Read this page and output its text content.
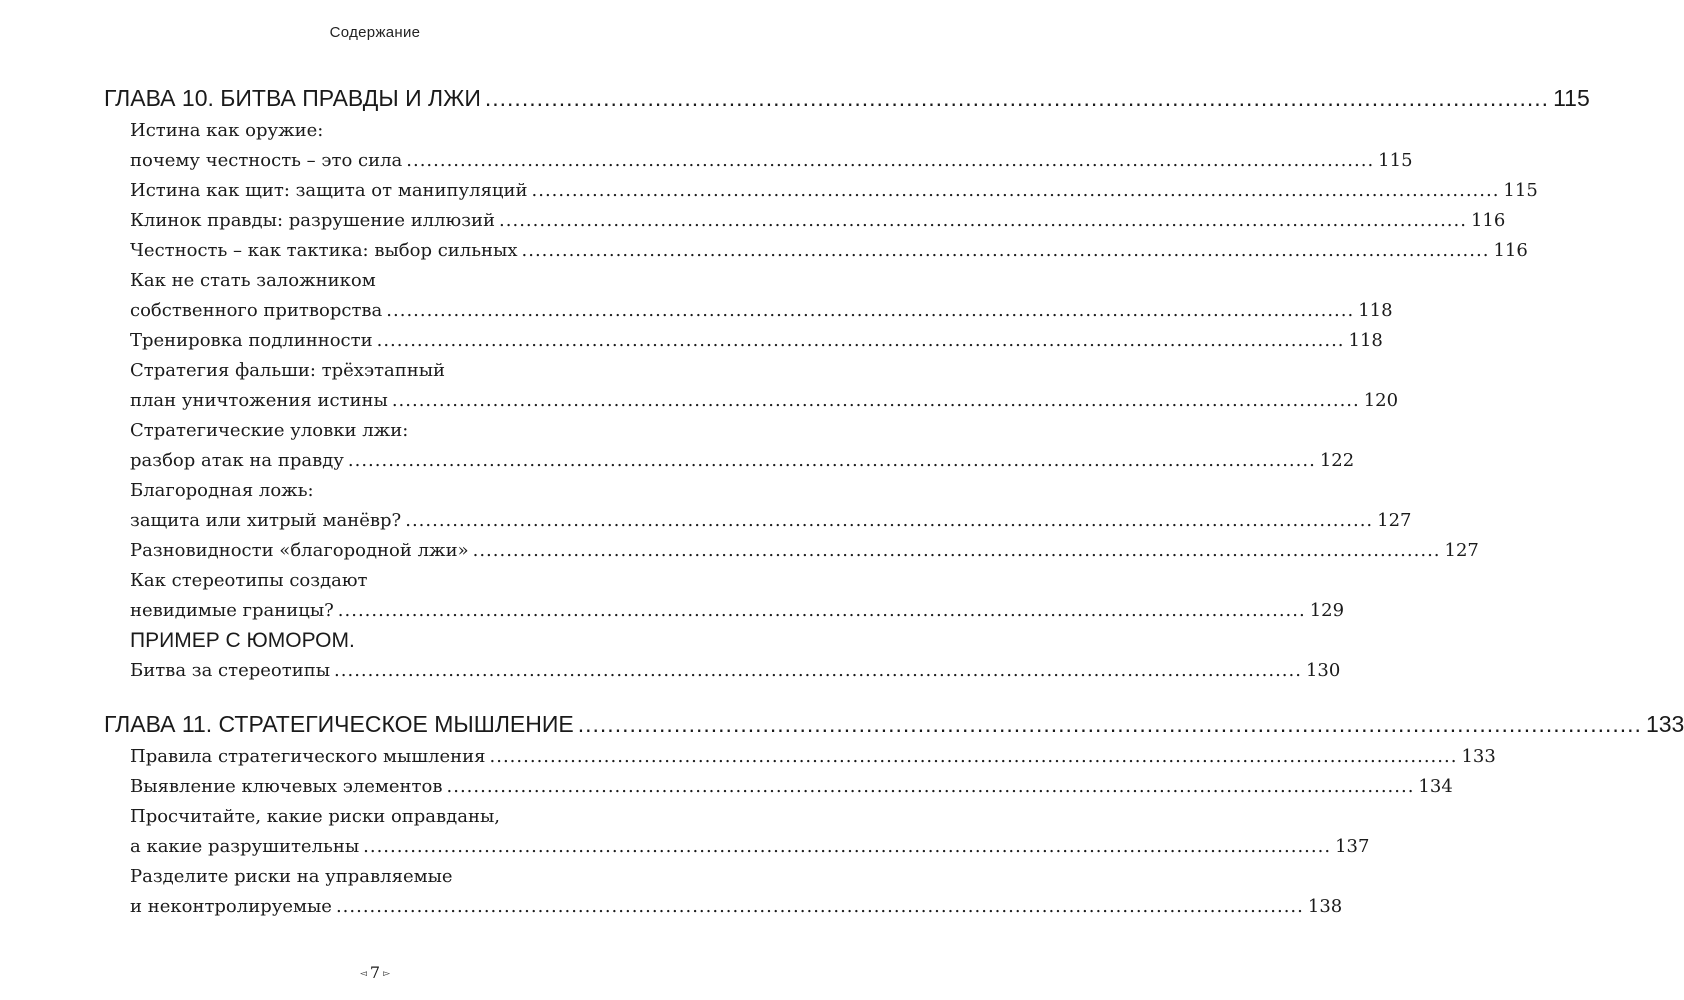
Содержание
ГЛАВА 10. БИТВА ПРАВДЫ И ЛЖИ ................................................................................................................................................ 115
Истина как оружие:
почему честность – это сила ................................................................................................................................................ 115
Истина как щит: защита от манипуляций ................................................................................................................................................ 115
Клинок правды: разрушение иллюзий ................................................................................................................................................ 116
Честность – как тактика: выбор сильных ................................................................................................................................................ 116
Как не стать заложником
собственного притворства ................................................................................................................................................ 118
Тренировка подлинности ................................................................................................................................................ 118
Стратегия фальши: трёхэтапный
план уничтожения истины ................................................................................................................................................ 120
Стратегические уловки лжи:
разбор атак на правду ................................................................................................................................................ 122
Благородная ложь:
защита или хитрый манёвр? ................................................................................................................................................ 127
Разновидности «благородной лжи» ................................................................................................................................................ 127
Как стереотипы создают
невидимые границы? ................................................................................................................................................ 129
ПРИМЕР С ЮМОРОМ.
Битва за стереотипы ................................................................................................................................................ 130
ГЛАВА 11. СТРАТЕГИЧЕСКОЕ МЫШЛЕНИЕ ................................................................................................................................................ 133
Правила стратегического мышления ................................................................................................................................................ 133
Выявление ключевых элементов ................................................................................................................................................ 134
Просчитайте, какие риски оправданы,
а какие разрушительны ................................................................................................................................................ 137
Разделите риски на управляемые
и неконтролируемые ................................................................................................................................................ 138
◅ 7 ▻
